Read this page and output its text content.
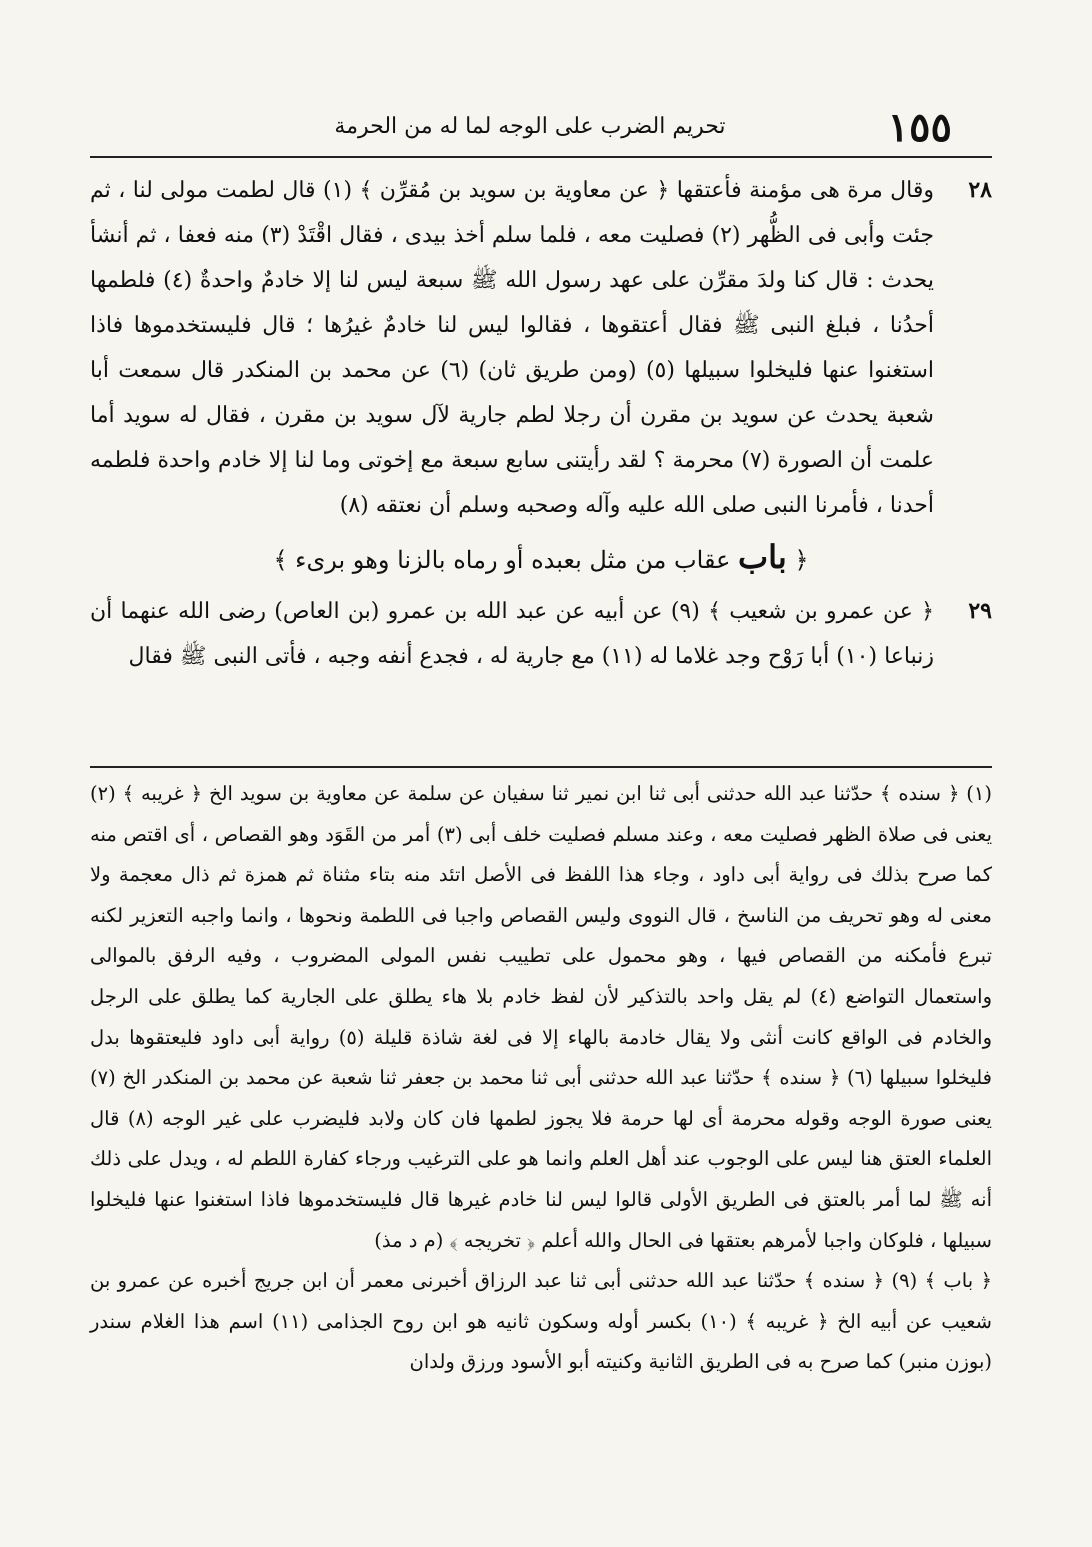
١٥٥
تحريم الضرب على الوجه لما له من الحرمة
٢٨
وقال مرة هى مؤمنة فأعتقها ﴿ عن معاوية بن سويد بن مُقرِّن ﴾ (١) قال لطمت مولى لنا ، ثم جئت وأبى فى الظُّهر (٢) فصليت معه ، فلما سلم أخذ بيدى ، فقال اقْتَدْ (٣) منه فعفا ، ثم أنشأ يحدث : قال كنا ولدَ مقرِّن على عهد رسول الله ﷺ سبعة ليس لنا إلا خادمٌ واحدةٌ (٤) فلطمها أحدُنا ، فبلغ النبى ﷺ فقال أعتقوها ، فقالوا ليس لنا خادمٌ غيرُها ؛ قال فليستخدموها فاذا استغنوا عنها فليخلوا سبيلها (٥) (ومن طريق ثان) (٦) عن محمد بن المنكدر قال سمعت أبا شعبة يحدث عن سويد بن مقرن أن رجلا لطم جارية لآل سويد بن مقرن ، فقال له سويد أما علمت أن الصورة (٧) محرمة ؟ لقد رأيتنى سابع سبعة مع إخوتى وما لنا إلا خادم واحدة فلطمه أحدنا ، فأمرنا النبى صلى الله عليه وآله وصحبه وسلم أن نعتقه (٨)
﴿ باب عقاب من مثل بعبده أو رماه بالزنا وهو برىء ﴾
٢٩
﴿ عن عمرو بن شعيب ﴾ (٩) عن أبيه عن عبد الله بن عمرو (بن العاص) رضى الله عنهما أن زنباعا (١٠) أبا رَوْح وجد غلاما له (١١) مع جارية له ، فجدع أنفه وجبه ، فأتى النبى ﷺ فقال

(١) ﴿ سنده ﴾ حدّثنا عبد الله حدثنى أبى ثنا ابن نمير ثنا سفيان عن سلمة عن معاوية بن سويد الخ ﴿ غريبه ﴾ (٢) يعنى فى صلاة الظهر فصليت معه ، وعند مسلم فصليت خلف أبى (٣) أمر من القَوَد وهو القصاص ، أى اقتص منه كما صرح بذلك فى رواية أبى داود ، وجاء هذا اللفظ فى الأصل اتئد منه بتاء مثناة ثم همزة ثم ذال معجمة ولا معنى له وهو تحريف من الناسخ ، قال النووى وليس القصاص واجبا فى اللطمة ونحوها ، وانما واجبه التعزير لكنه تبرع فأمكنه من القصاص فيها ، وهو محمول على تطييب نفس المولى المضروب ، وفيه الرفق بالموالى واستعمال التواضع (٤) لم يقل واحد بالتذكير لأن لفظ خادم بلا هاء يطلق على الجارية كما يطلق على الرجل والخادم فى الواقع كانت أنثى ولا يقال خادمة بالهاء إلا فى لغة شاذة قليلة (٥) رواية أبى داود فليعتقوها بدل فليخلوا سبيلها (٦) ﴿ سنده ﴾ حدّثنا عبد الله حدثنى أبى ثنا محمد بن جعفر ثنا شعبة عن محمد بن المنكدر الخ (٧) يعنى صورة الوجه وقوله محرمة أى لها حرمة فلا يجوز لطمها فان كان ولابد فليضرب على غير الوجه (٨) قال العلماء العتق هنا ليس على الوجوب عند أهل العلم وانما هو على الترغيب ورجاء كفارة اللطم له ، ويدل على ذلك أنه ﷺ لما أمر بالعتق فى الطريق الأولى قالوا ليس لنا خادم غيرها قال فليستخدموها فاذا استغنوا عنها فليخلوا سبيلها ، فلوكان واجبا لأمرهم بعتقها فى الحال والله أعلم ﴿ تخريجه ﴾ (م د مذ)

﴿ باب ﴾ (٩) ﴿ سنده ﴾ حدّثنا عبد الله حدثنى أبى ثنا عبد الرزاق أخبرنى معمر أن ابن جريج أخبره عن عمرو بن شعيب عن أبيه الخ ﴿ غريبه ﴾ (١٠) بكسر أوله وسكون ثانيه هو ابن روح الجذامى (١١) اسم هذا الغلام سندر (بوزن منبر) كما صرح به فى الطريق الثانية وكنيته أبو الأسود ورزق ولدان
